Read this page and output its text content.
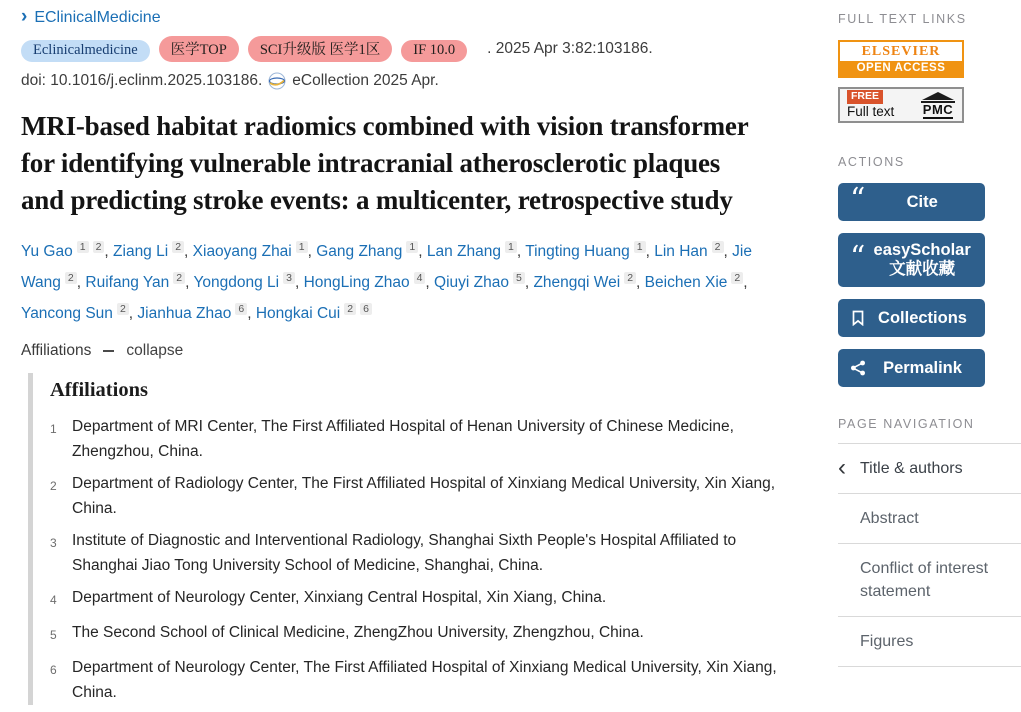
› EClinicalMedicine
Eclinicalmedicine 医学TOP SCI升级版 医学1区 IF 10.0	. 2025 Apr 3:82:103186.
doi: 10.1016/j.eclinm.2025.103186. eCollection 2025 Apr.
MRI-based habitat radiomics combined with vision transformer for identifying vulnerable intracranial atherosclerotic plaques and predicting stroke events: a multicenter, retrospective study
Yu Gao $^1$ $^2$ , Ziang Li $^2$ , Xiaoyang Zhai $^1$ , Gang Zhang $^1$ , Lan Zhang $^1$ , Tingting Huang $^1$ , Lin Han $^2$ , Jie Wang $^2$ , Ruifang Yan $^2$ , Yongdong Li $^3$ , HongLing Zhao $^4$ , Qiuyi Zhao $^5$ , Zhengqi Wei $^2$ , Beichen Xie $^2$ , Yancong Sun $^2$ , Jianhua Zhao $^6$ , Hongkai Cui $^2$ $^6$
Affiliations collapse
Affiliations
1 Department of MRI Center, The First Affiliated Hospital of Henan University of Chinese Medicine, Zhengzhou, China.
2 Department of Radiology Center, The First Affiliated Hospital of Xinxiang Medical University, Xin Xiang, China.
3 Institute of Diagnostic and Interventional Radiology, Shanghai Sixth People's Hospital Affiliated to Shanghai Jiao Tong University School of Medicine, Shanghai, China.
4 Department of Neurology Center, Xinxiang Central Hospital, Xin Xiang, China.
5 The Second School of Clinical Medicine, ZhengZhou University, Zhengzhou, China.
6 Department of Neurology Center, The First Affiliated Hospital of Xinxiang Medical University, Xin Xiang, China.
FULL TEXT LINKS
ELSEVIER
OPEN ACCESS
FREE
Full text PMC
ACTIONS
“	Cite
“ easyScholar
文献收藏
Collections
Permalink
PAGE NAVIGATION
‹ Title & authors
Abstract
Conflict of interest statement
Figures
